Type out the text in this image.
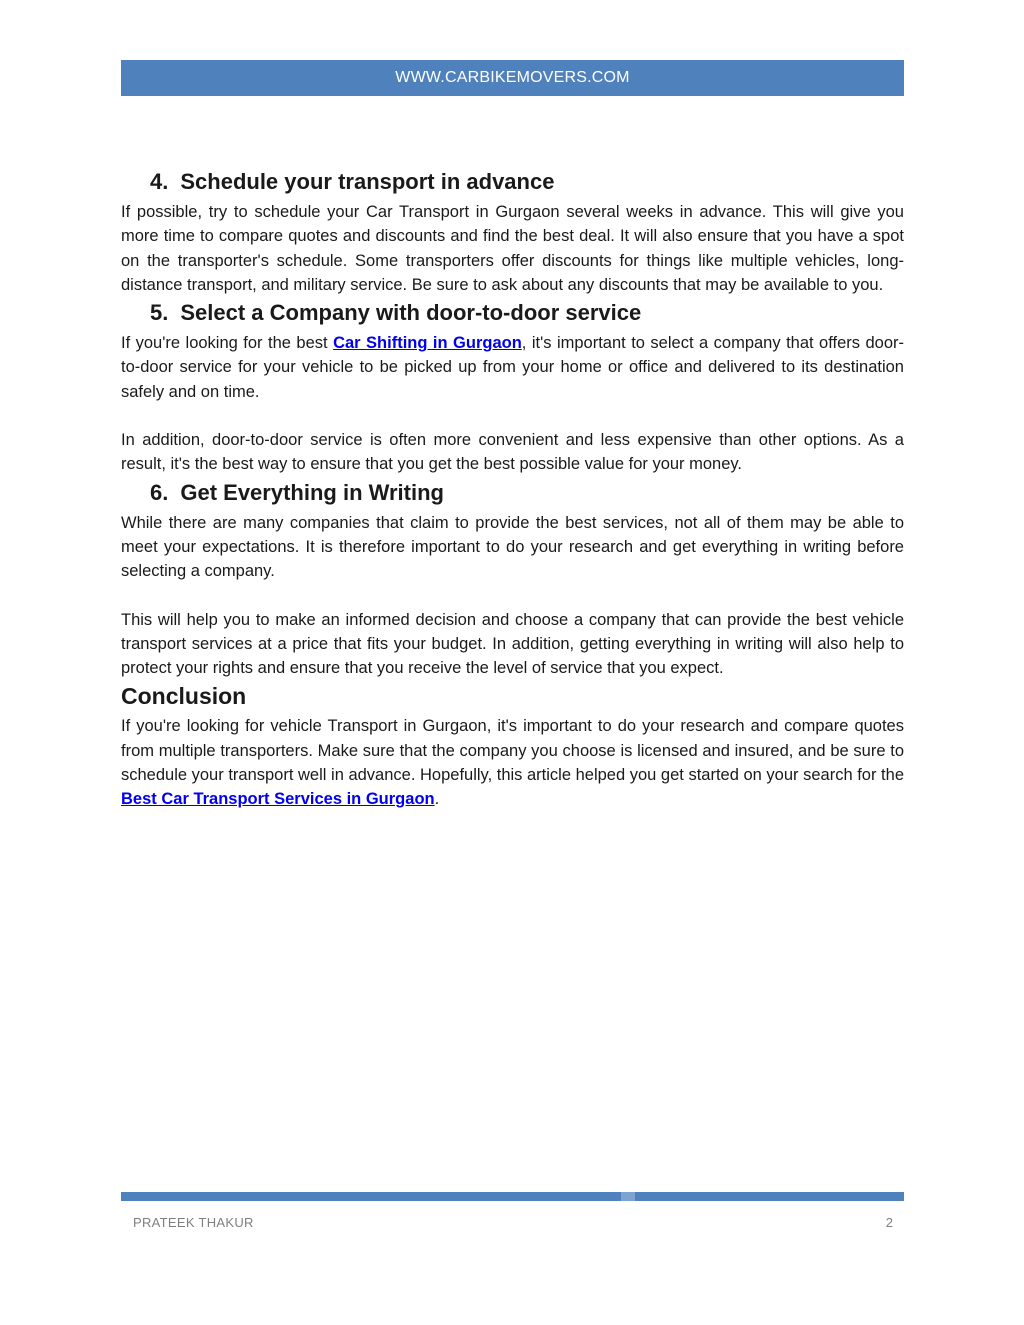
WWW.CARBIKEMOVERS.COM
4. Schedule your transport in advance

If possible, try to schedule your Car Transport in Gurgaon several weeks in advance. This will give you more time to compare quotes and discounts and find the best deal. It will also ensure that you have a spot on the transporter's schedule. Some transporters offer discounts for things like multiple vehicles, long-distance transport, and military service. Be sure to ask about any discounts that may be available to you.

5. Select a Company with door-to-door service

If you're looking for the best Car Shifting in Gurgaon, it's important to select a company that offers door-to-door service for your vehicle to be picked up from your home or office and delivered to its destination safely and on time.

In addition, door-to-door service is often more convenient and less expensive than other options. As a result, it's the best way to ensure that you get the best possible value for your money.

6. Get Everything in Writing

While there are many companies that claim to provide the best services, not all of them may be able to meet your expectations. It is therefore important to do your research and get everything in writing before selecting a company.

This will help you to make an informed decision and choose a company that can provide the best vehicle transport services at a price that fits your budget. In addition, getting everything in writing will also help to protect your rights and ensure that you receive the level of service that you expect.

Conclusion

If you're looking for vehicle Transport in Gurgaon, it's important to do your research and compare quotes from multiple transporters. Make sure that the company you choose is licensed and insured, and be sure to schedule your transport well in advance. Hopefully, this article helped you get started on your search for the Best Car Transport Services in Gurgaon.

PRATEEK THAKUR	2
